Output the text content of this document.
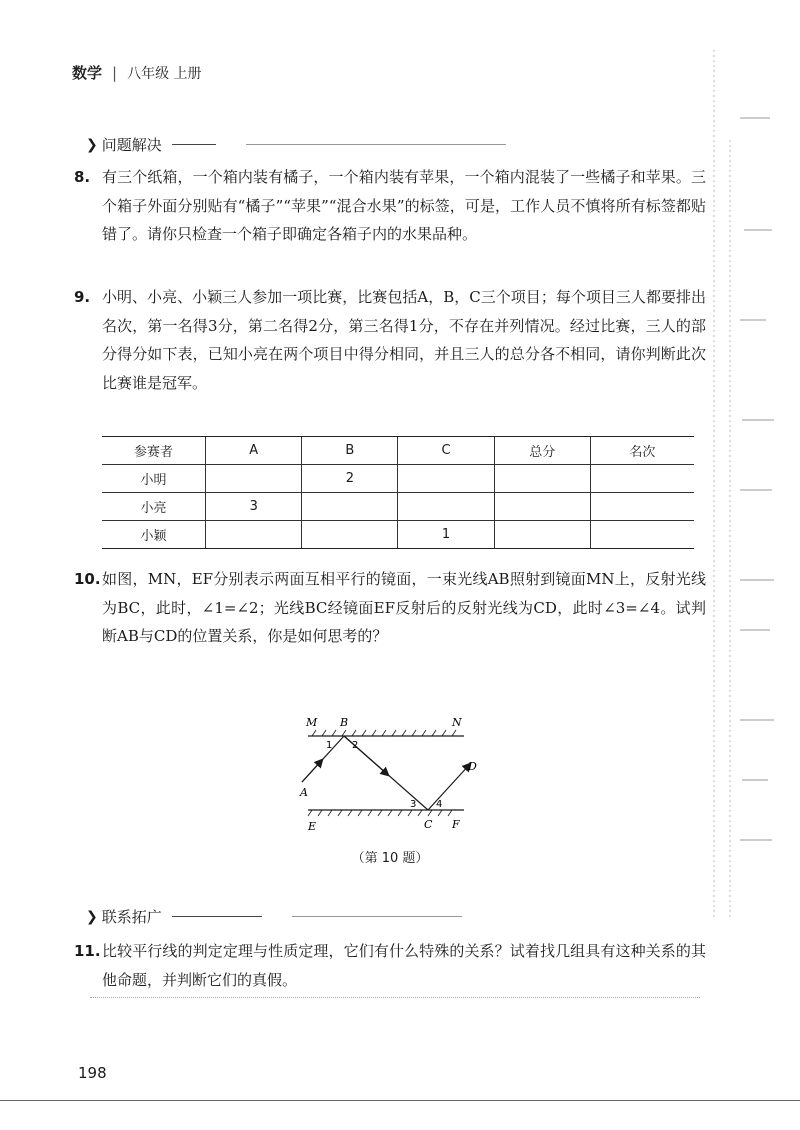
数学 | 八年级 上册
❯ 问题解决
8. 有三个纸箱，一个箱内装有橘子，一个箱内装有苹果，一个箱内混装了一些橘子和苹果。三个箱子外面分别贴有“橘子”“苹果”“混合水果”的标签，可是，工作人员不慎将所有标签都贴错了。请你只检查一个箱子即确定各箱子内的水果品种。
9. 小明、小亮、小颖三人参加一项比赛，比赛包括A，B，C三个项目；每个项目三人都要排出名次，第一名得3分，第二名得2分，第三名得1分，不存在并列情况。经过比赛，三人的部分得分如下表，已知小亮在两个项目中得分相同，并且三人的总分各不相同，请你判断此次比赛谁是冠军。
参赛者	A	B	C	总分	名次
小明		2			
小亮	3				
小颖			1		
10. 如图，MN，EF分别表示两面互相平行的镜面，一束光线AB照射到镜面MN上，反射光线为BC，此时，∠1=∠2；光线BC经镜面EF反射后的反射光线为CD，此时∠3=∠4。试判断AB与CD的位置关系，你是如何思考的？
M B	N
A
D
E	C F
1 2
3 4
（第 10 题）
❯ 联系拓广
11. 比较平行线的判定定理与性质定理，它们有什么特殊的关系？试着找几组具有这种关系的其他命题，并判断它们的真假。
198
